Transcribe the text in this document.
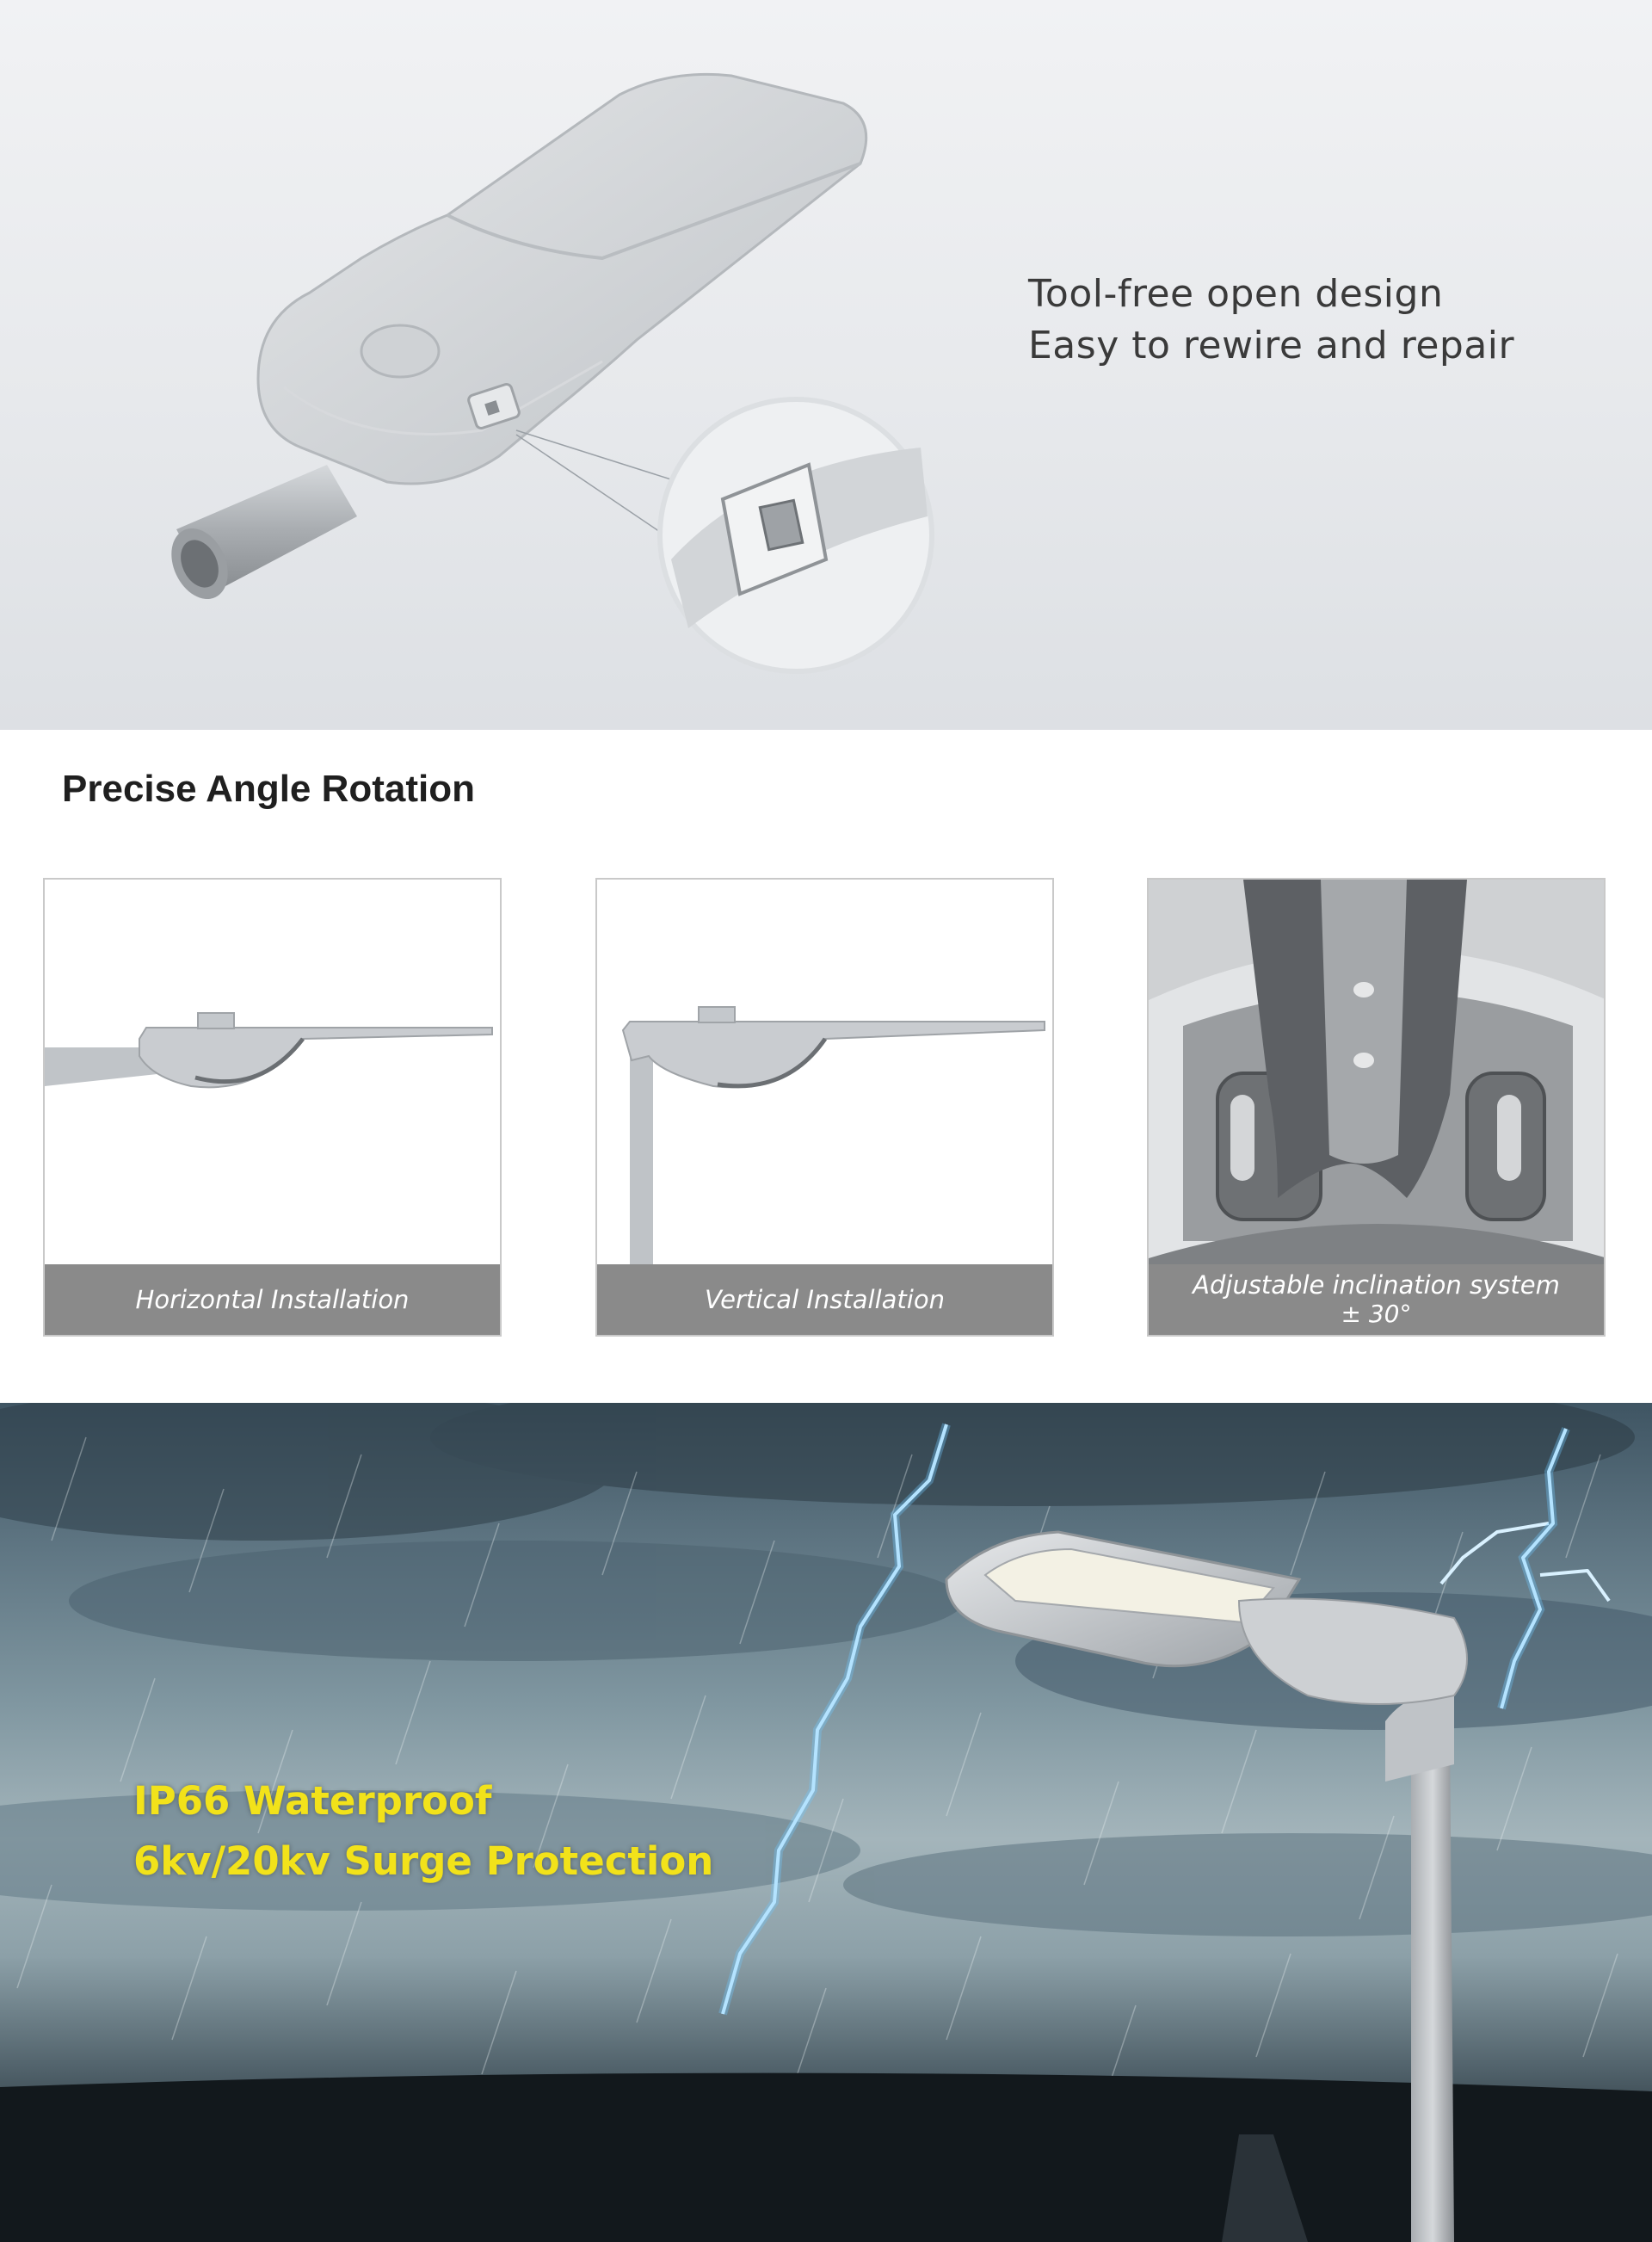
Tool-free open design
Easy to rewire and repair
Precise Angle Rotation
Horizontal Installation	Vertical Installation	Adjustable inclination system
± 30°
IP66 Waterproof
6kv/20kv Surge Protection
